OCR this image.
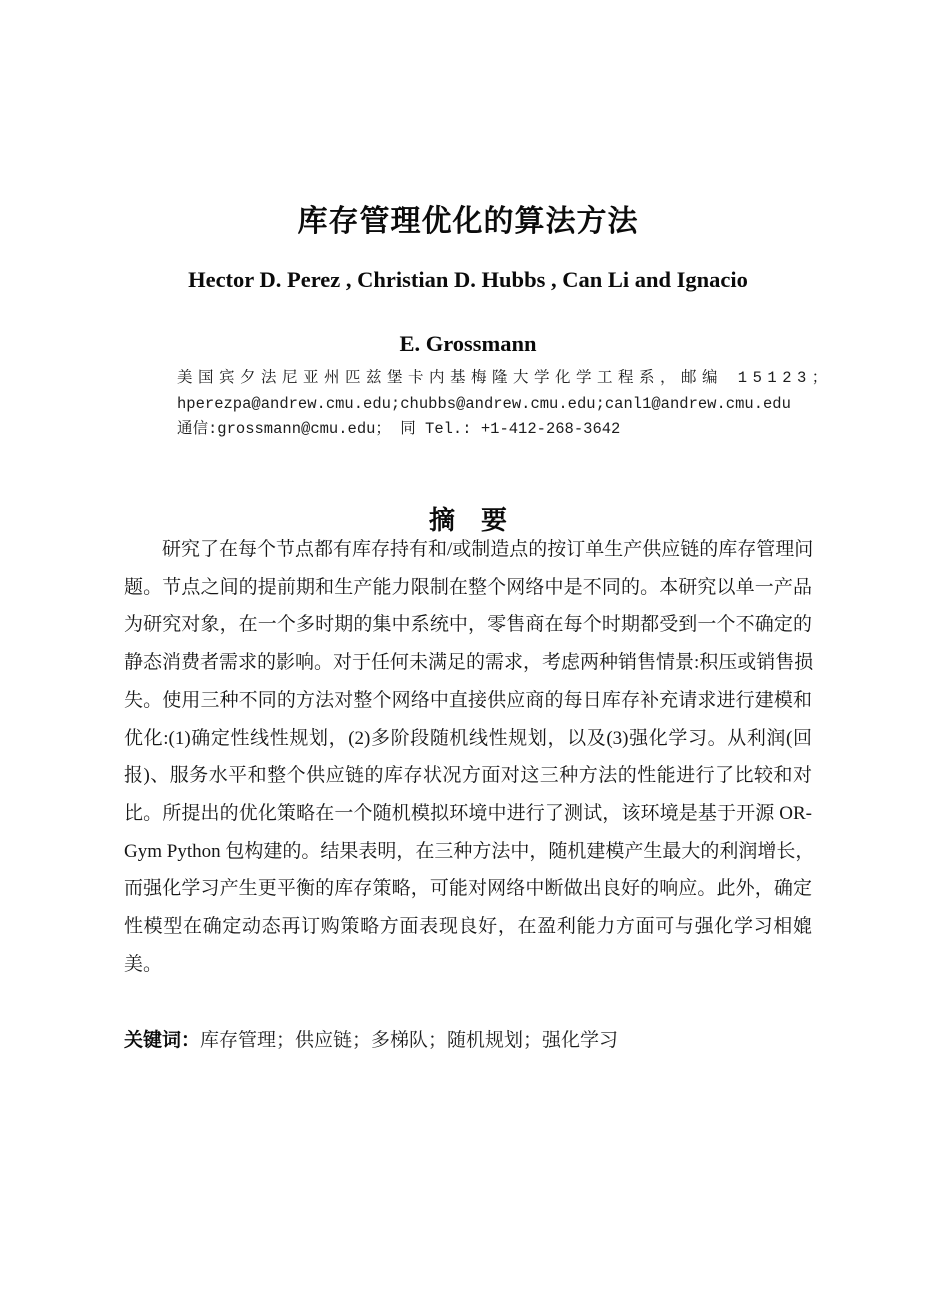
库存管理优化的算法方法
Hector D. Perez , Christian D. Hubbs , Can Li and Ignacio
E. Grossmann
美国宾夕法尼亚州匹兹堡卡内基梅隆大学化学工程系，邮编 15123；
hperezpa@andrew.cmu.edu;chubbs@andrew.cmu.edu;canl1@andrew.cmu.edu
通信:grossmann@cmu.edu； 同 Tel.: +1-412-268-3642
摘　要
研究了在每个节点都有库存持有和/或制造点的按订单生产供应链的库存管理问
题。节点之间的提前期和生产能力限制在整个网络中是不同的。本研究以单一产品
为研究对象，在一个多时期的集中系统中，零售商在每个时期都受到一个不确定的
静态消费者需求的影响。对于任何未满足的需求，考虑两种销售情景:积压或销售损
失。使用三种不同的方法对整个网络中直接供应商的每日库存补充请求进行建模和
优化:(1)确定性线性规划，(2)多阶段随机线性规划，以及(3)强化学习。从利润(回
报)、服务水平和整个供应链的库存状况方面对这三种方法的性能进行了比较和对
比。所提出的优化策略在一个随机模拟环境中进行了测试，该环境是基于开源 OR-
Gym Python 包构建的。结果表明，在三种方法中，随机建模产生最大的利润增长，
而强化学习产生更平衡的库存策略，可能对网络中断做出良好的响应。此外，确定
性模型在确定动态再订购策略方面表现良好，在盈利能力方面可与强化学习相媲
美。
关键词：库存管理；供应链；多梯队；随机规划；强化学习
